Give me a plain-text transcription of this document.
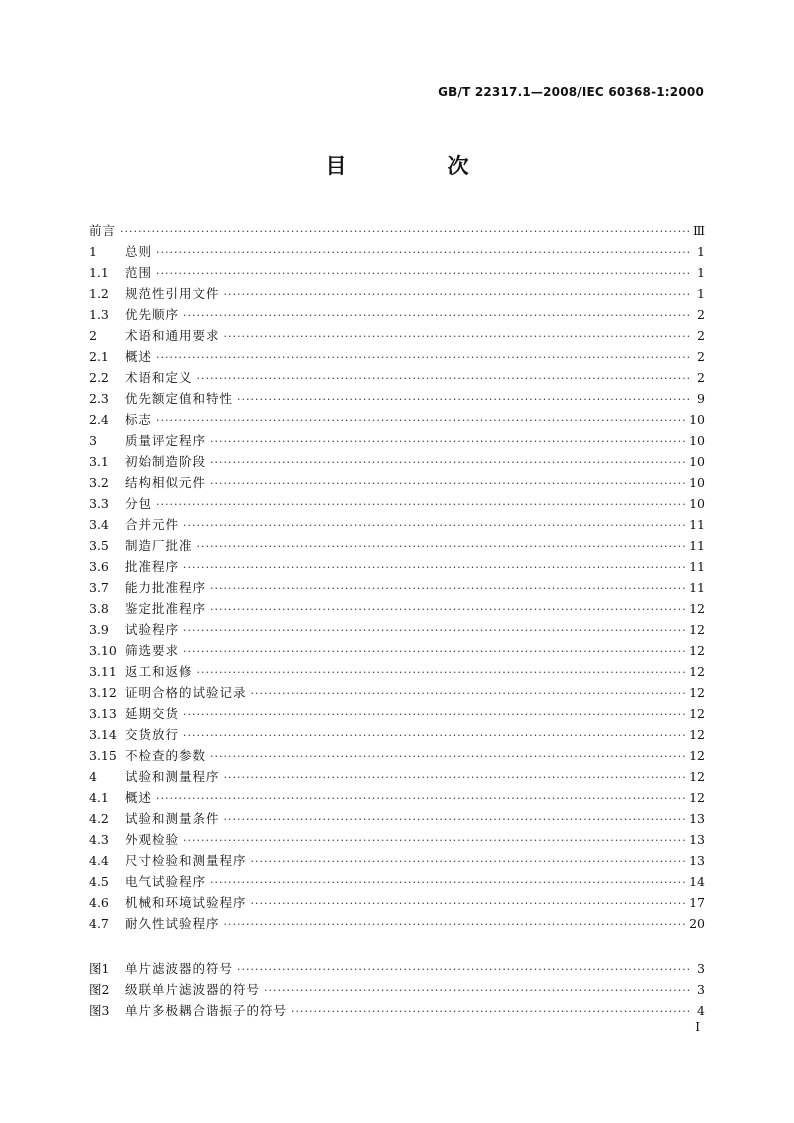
GB/T 22317.1—2008/IEC 60368-1:2000
目　次
前言 ·····	Ⅲ
1	总则 ·····	1
1.1	范围 ·····	1
1.2	规范性引用文件 ·····	1
1.3	优先顺序 ·····	2
2	术语和通用要求 ·····	2
2.1	概述 ·····	2
2.2	术语和定义 ·····	2
2.3	优先额定值和特性 ·····	9
2.4	标志 ·····	10
3	质量评定程序 ·····	10
3.1	初始制造阶段 ·····	10
3.2	结构相似元件 ·····	10
3.3	分包 ·····	10
3.4	合并元件 ·····	11
3.5	制造厂批准 ·····	11
3.6	批准程序 ·····	11
3.7	能力批准程序 ·····	11
3.8	鉴定批准程序 ·····	12
3.9	试验程序 ·····	12
3.10 筛选要求 ·····	12
3.11 返工和返修 ·····	12
3.12 证明合格的试验记录 ·····	12
3.13 延期交货 ·····	12
3.14 交货放行 ·····	12
3.15 不检查的参数 ·····	12
4	试验和测量程序 ·····	12
4.1	概述 ·····	12
4.2	试验和测量条件 ·····	13
4.3	外观检验 ·····	13
4.4	尺寸检验和测量程序 ·····	13
4.5	电气试验程序 ·····	14
4.6	机械和环境试验程序 ·····	17
4.7	耐久性试验程序 ·····	20
图1	单片滤波器的符号 ·····	3
图2	级联单片滤波器的符号 ·····	3
图3	单片多极耦合谐振子的符号 ·····	4
I
